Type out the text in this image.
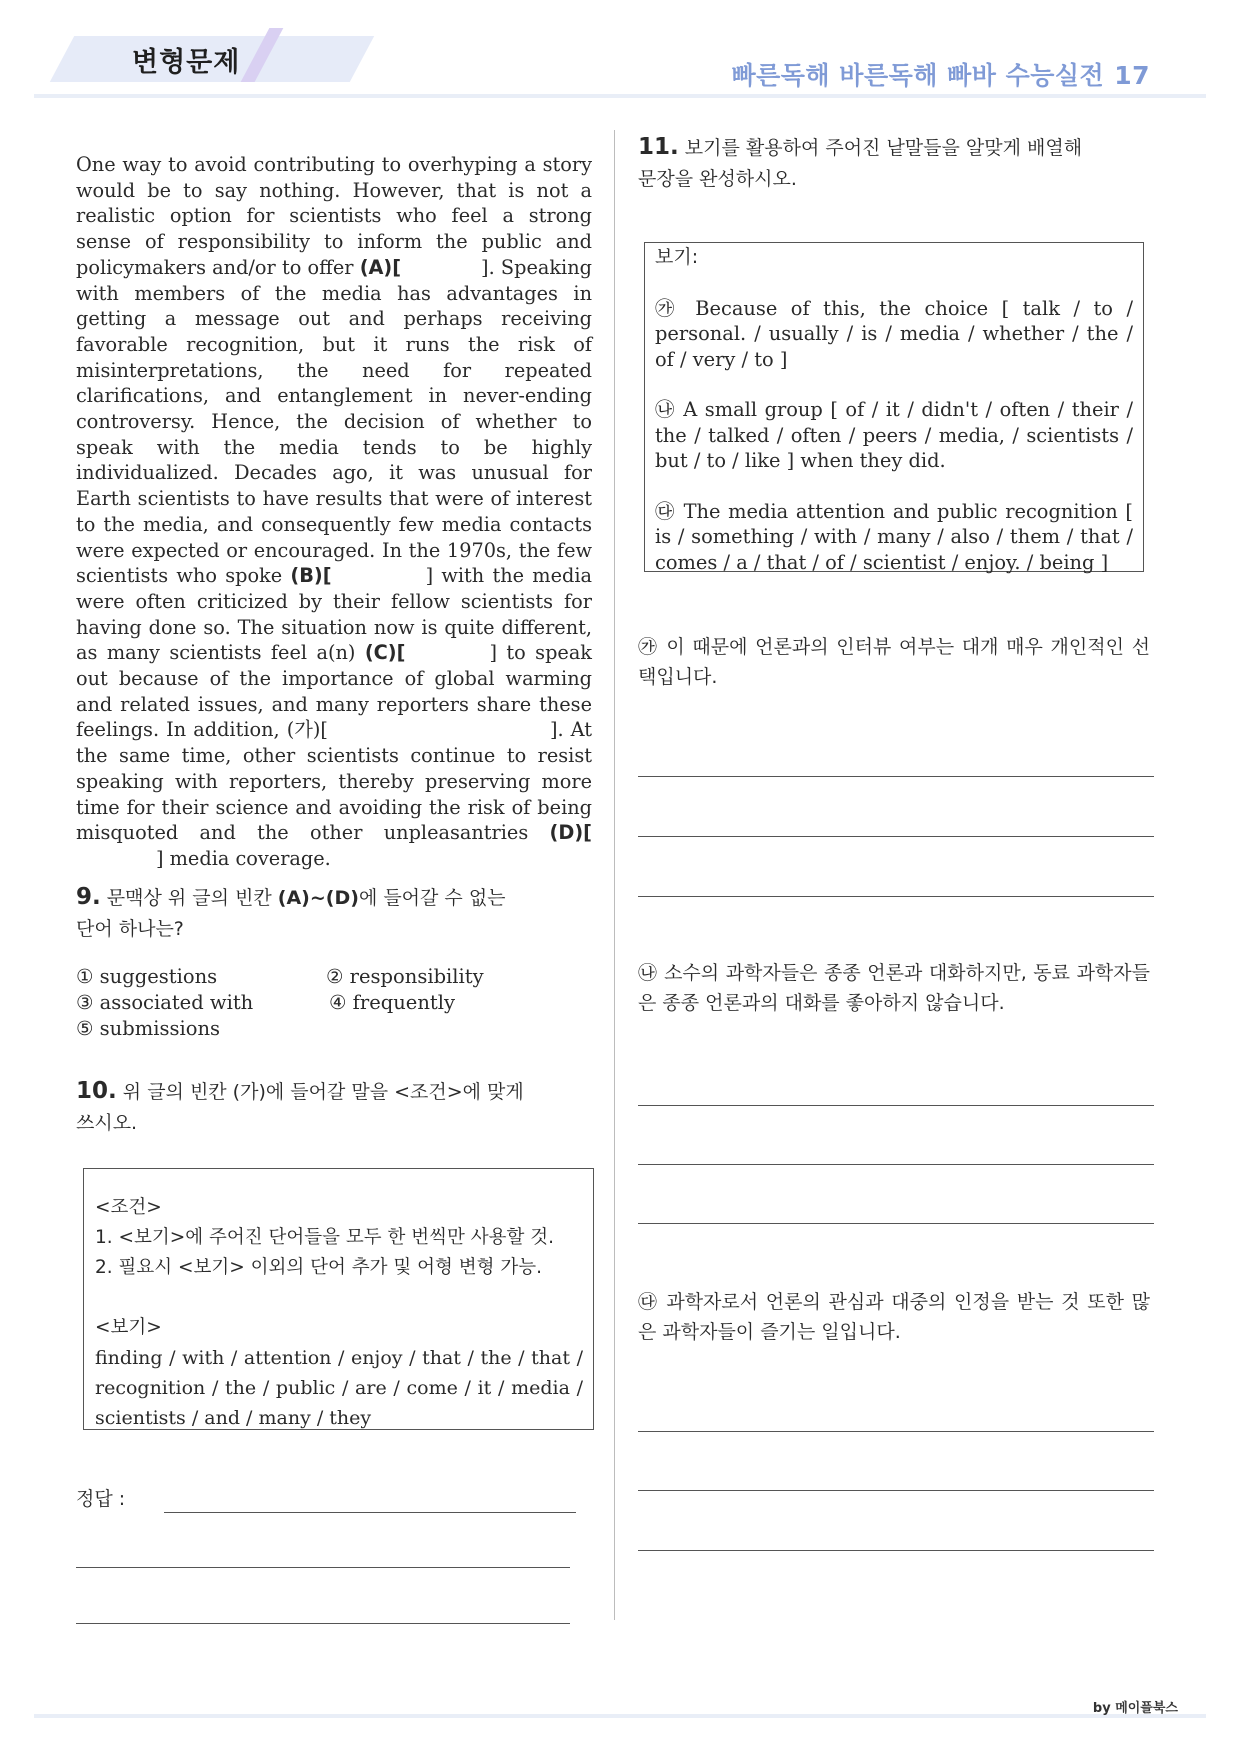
변형문제	빠른독해 바른독해 빠바 수능실전 17
One way to avoid contributing to overhyping a story would be to say nothing. However, that is not a realistic option for scientists who feel a strong sense of responsibility to inform the public and policymakers and/or to offer (A)[	]. Speaking with members of the media has advantages in getting a message out and perhaps receiving favorable recognition, but it runs the risk of misinterpretations, the need for repeated clarifications, and entanglement in never-ending controversy. Hence, the decision of whether to speak with the media tends to be highly individualized. Decades ago, it was unusual for Earth scientists to have results that were of interest to the media, and consequently few media contacts were expected or encouraged. In the 1970s, the few scientists who spoke (B)[	] with the media were often criticized by their fellow scientists for having done so. The situation now is quite different, as many scientists feel a(n) (C)[	] to speak out because of the importance of global warming and related issues, and many reporters share these feelings. In addition, (가)[	]. At the same time, other scientists continue to resist speaking with reporters, thereby preserving more time for their science and avoiding the risk of being misquoted and the other unpleasantries (D)[] media coverage.
9. 문맥상 위 글의 빈칸 (A)~(D)에 들어갈 수 없는
단어 하나는?
① suggestions	② responsibility
③ associated with	④ frequently
⑤ submissions
10. 위 글의 빈칸 (가)에 들어갈 말을 <조건>에 맞게
쓰시오.
<조건>
1. <보기>에 주어진 단어들을 모두 한 번씩만 사용할 것.
2. 필요시 <보기> 이외의 단어 추가 및 어형 변형 가능.
<보기>
finding / with / attention / enjoy / that / the / that / recognition / the / public / are / come / it / media / scientists / and / many / they
정답 :
11. 보기를 활용하여 주어진 낱말들을 알맞게 배열해
문장을 완성하시오.
보기:
㉮ Because of this, the choice [ talk / to / personal. / usually / is / media / whether / the / of / very / to ]
㉯ A small group [ of / it / didn't / often / their / the / talked / often / peers / media, / scientists / but / to / like ] when they did.
㉰ The media attention and public recognition [ is / something / with / many / also / them / that / comes / a / that / of / scientist / enjoy. / being ]
㉮ 이 때문에 언론과의 인터뷰 여부는 대개 매우 개인적인 선택입니다.
㉯ 소수의 과학자들은 종종 언론과 대화하지만, 동료 과학자들은 종종 언론과의 대화를 좋아하지 않습니다.
㉰ 과학자로서 언론의 관심과 대중의 인정을 받는 것 또한 많은 과학자들이 즐기는 일입니다.
by 메이플북스
